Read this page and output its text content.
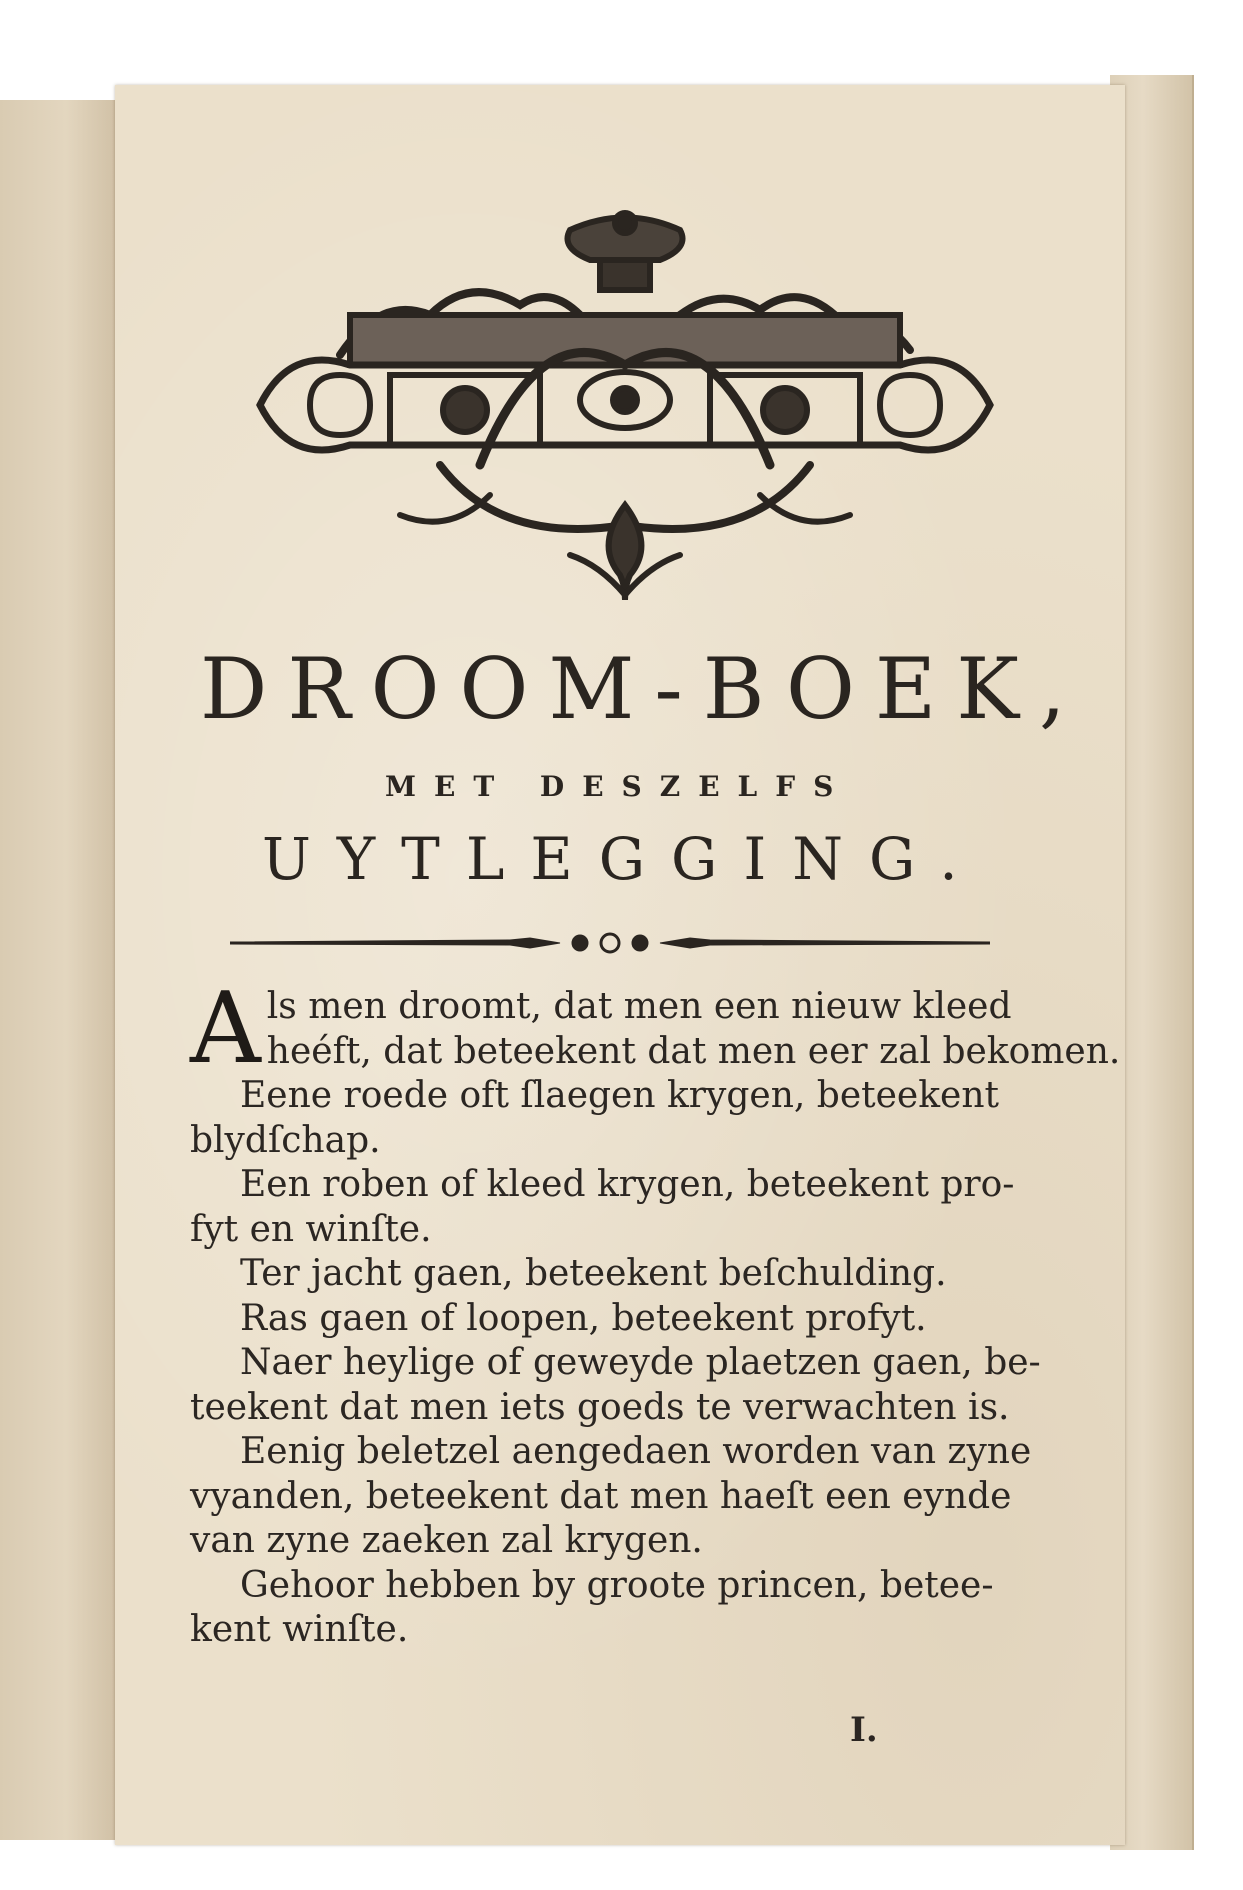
DROOM-BOEK,
MET DESZELFS
UYTLEGGING.
A ls men droomt, dat men een nieuw kleed
heéft, dat beteekent dat men eer zal bekomen.
Eene roede oft ſlaegen krygen, beteekent
blydſchap.
Een roben of kleed krygen, beteekent pro-
fyt en winſte.
Ter jacht gaen, beteekent beſchulding.
Ras gaen of loopen, beteekent profyt.
Naer heylige of geweyde plaetzen gaen, be-
teekent dat men iets goeds te verwachten is.
Eenig beletzel aengedaen worden van zyne
vyanden, beteekent dat men haeſt een eynde
van zyne zaeken zal krygen.
Gehoor hebben by groote princen, betee-
kent winſte.
I.
